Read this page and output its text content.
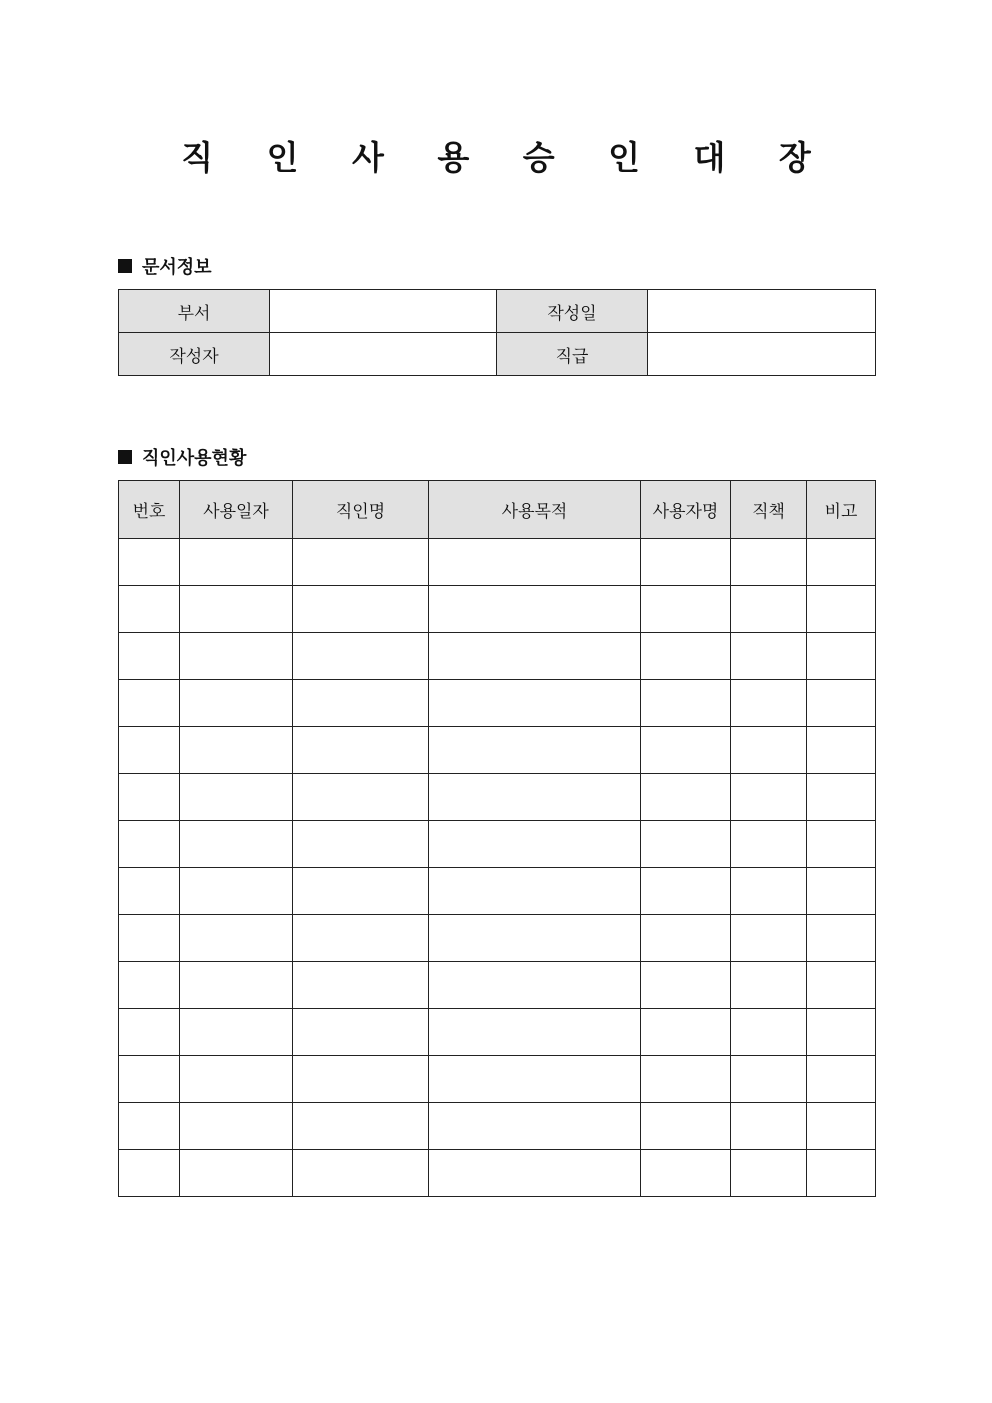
직 인 사 용 승 인 대 장
문서정보
부서		작성일	
작성자		직급	
직인사용현황
번호	사용일자	직인명	사용목적	사용자명	직책	비고
